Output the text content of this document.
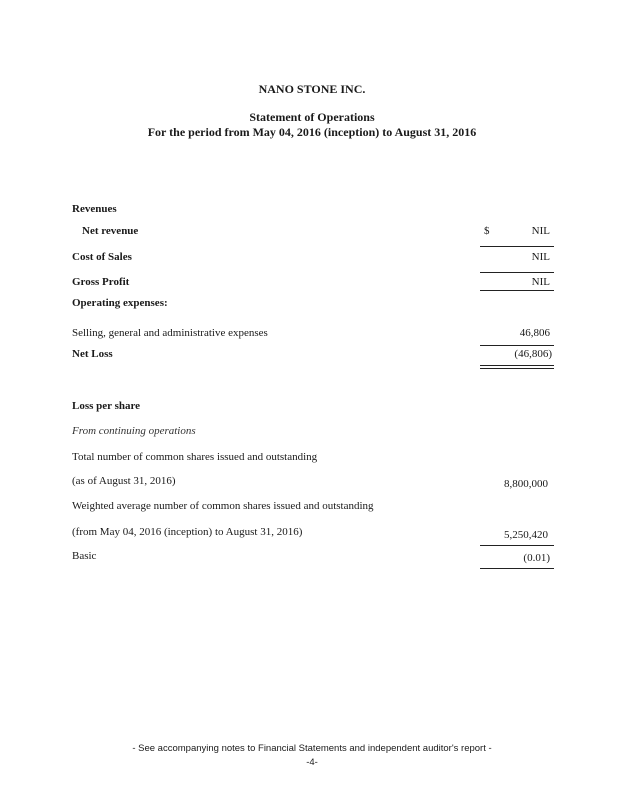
NANO STONE INC.
Statement of Operations
For the period from May 04, 2016 (inception) to August 31, 2016
Revenues
Net revenue	$	NIL
Cost of Sales	NIL
Gross Profit	NIL
Operating expenses:
Selling, general and administrative expenses	46,806
Net Loss	(46,806)
Loss per share
From continuing operations
Total number of common shares issued and outstanding
(as of August 31, 2016)	8,800,000
Weighted average number of common shares issued and outstanding
(from May 04, 2016 (inception) to August 31, 2016)	5,250,420
Basic	(0.01)
- See accompanying notes to Financial Statements and independent auditor's report -
-4-
